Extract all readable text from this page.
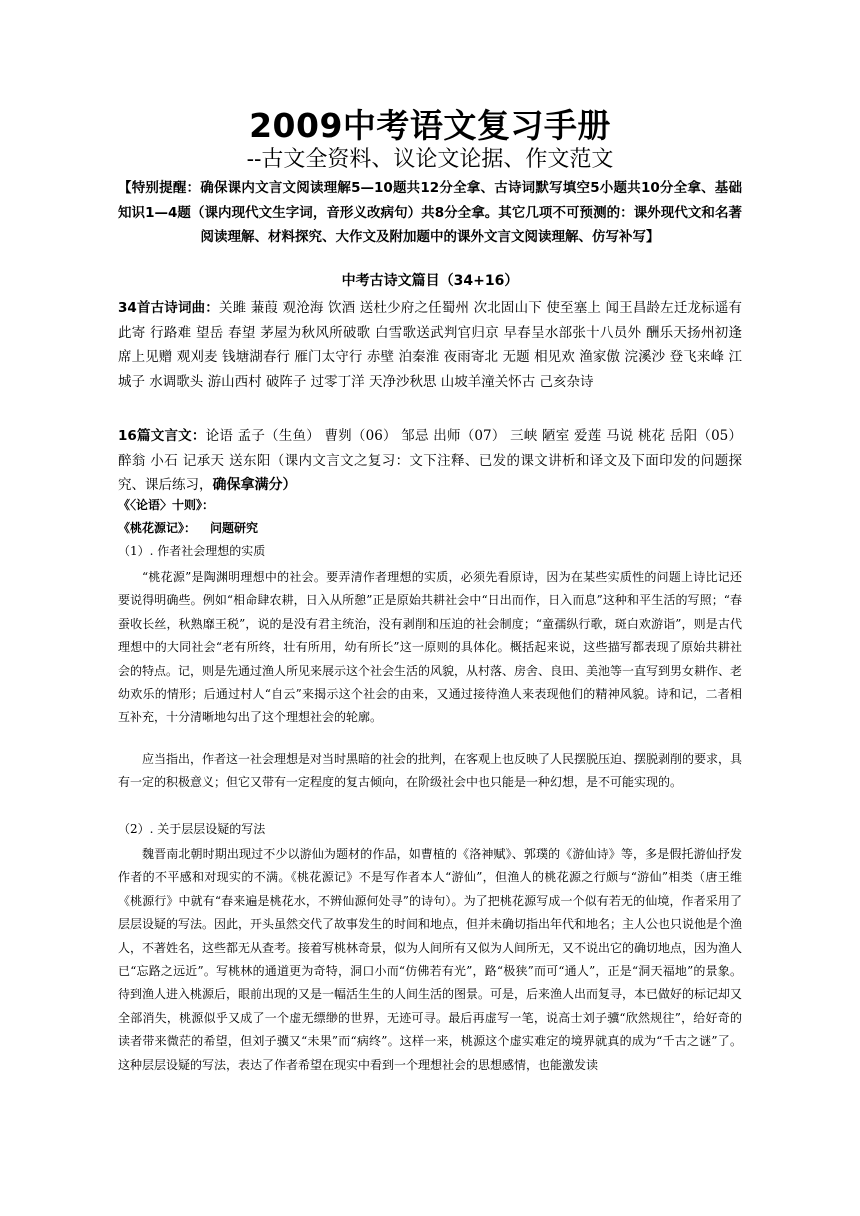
2009中考语文复习手册
--古文全资料、议论文论据、作文范文
【特别提醒：确保课内文言文阅读理解5—10题共12分全拿、古诗词默写填空5小题共10分全拿、基础知识1—4题（课内现代文生字词，音形义改病句）共8分全拿。其它几项不可预测的：课外现代文和名著阅读理解、材料探究、大作文及附加题中的课外文言文阅读理解、仿写补写】
中考古诗文篇目（34+16）
34首古诗词曲：关雎 蒹葭 观沧海 饮酒 送杜少府之任蜀州 次北固山下 使至塞上 闻王昌龄左迁龙标遥有此寄 行路难 望岳 春望 茅屋为秋风所破歌 白雪歌送武判官归京 早春呈水部张十八员外 酬乐天扬州初逢席上见赠 观刈麦 钱塘湖春行 雁门太守行 赤壁 泊秦淮 夜雨寄北 无题 相见欢 渔家傲 浣溪沙 登飞来峰 江城子 水调歌头 游山西村 破阵子 过零丁洋 天净沙秋思 山坡羊潼关怀古 己亥杂诗
16篇文言文：论语 孟子（生鱼） 曹刿（06） 邹忌 出师（07） 三峡 陋室 爱莲 马说 桃花 岳阳（05） 醉翁 小石 记承天 送东阳（课内文言文之复习：文下注释、已发的课文讲析和译文及下面印发的问题探究、课后练习，确保拿满分）
《〈论语〉十则》：
《桃花源记》： 问题研究
（1）. 作者社会理想的实质
“桃花源”是陶渊明理想中的社会。要弄清作者理想的实质，必须先看原诗，因为在某些实质性的问题上诗比记还要说得明确些。例如“相命肆农耕，日入从所憩”正是原始共耕社会中“日出而作，日入而息”这种和平生活的写照；“春蚕收长丝，秋熟靡王税”，说的是没有君主统治，没有剥削和压迫的社会制度；“童孺纵行歌，斑白欢游诣”，则是古代理想中的大同社会“老有所终，壮有所用，幼有所长”这一原则的具体化。概括起来说，这些描写都表现了原始共耕社会的特点。记，则是先通过渔人所见来展示这个社会生活的风貌，从村落、房舍、良田、美池等一直写到男女耕作、老幼欢乐的情形；后通过村人“自云”来揭示这个社会的由来，又通过接待渔人来表现他们的精神风貌。诗和记，二者相互补充，十分清晰地勾出了这个理想社会的轮廓。
应当指出，作者这一社会理想是对当时黑暗的社会的批判，在客观上也反映了人民摆脱压迫、摆脱剥削的要求，具有一定的积极意义；但它又带有一定程度的复古倾向，在阶级社会中也只能是一种幻想，是不可能实现的。
（2）. 关于层层设疑的写法
魏晋南北朝时期出现过不少以游仙为题材的作品，如曹植的《洛神赋》、郭璞的《游仙诗》等，多是假托游仙抒发作者的不平感和对现实的不满。《桃花源记》不是写作者本人“游仙”，但渔人的桃花源之行颇与“游仙”相类（唐王维《桃源行》中就有“春来遍是桃花水，不辨仙源何处寻”的诗句）。为了把桃花源写成一个似有若无的仙境，作者采用了层层设疑的写法。因此，开头虽然交代了故事发生的时间和地点，但并未确切指出年代和地名；主人公也只说他是个渔人，不著姓名，这些都无从查考。接着写桃林奇景，似为人间所有又似为人间所无，又不说出它的确切地点，因为渔人已“忘路之远近”。写桃林的通道更为奇特，洞口小而“仿佛若有光”，路“极狭”而可“通人”，正是“洞天福地”的景象。待到渔人进入桃源后，眼前出现的又是一幅活生生的人间生活的图景。可是，后来渔人出而复寻，本已做好的标记却又全部消失，桃源似乎又成了一个虚无缥缈的世界，无迹可寻。最后再虚写一笔，说高士刘子骥“欣然规往”，给好奇的读者带来微茫的希望，但刘子骥又“未果”而“病终”。这样一来，桃源这个虚实难定的境界就真的成为“千古之谜”了。这种层层设疑的写法，表达了作者希望在现实中看到一个理想社会的思想感情，也能激发读
